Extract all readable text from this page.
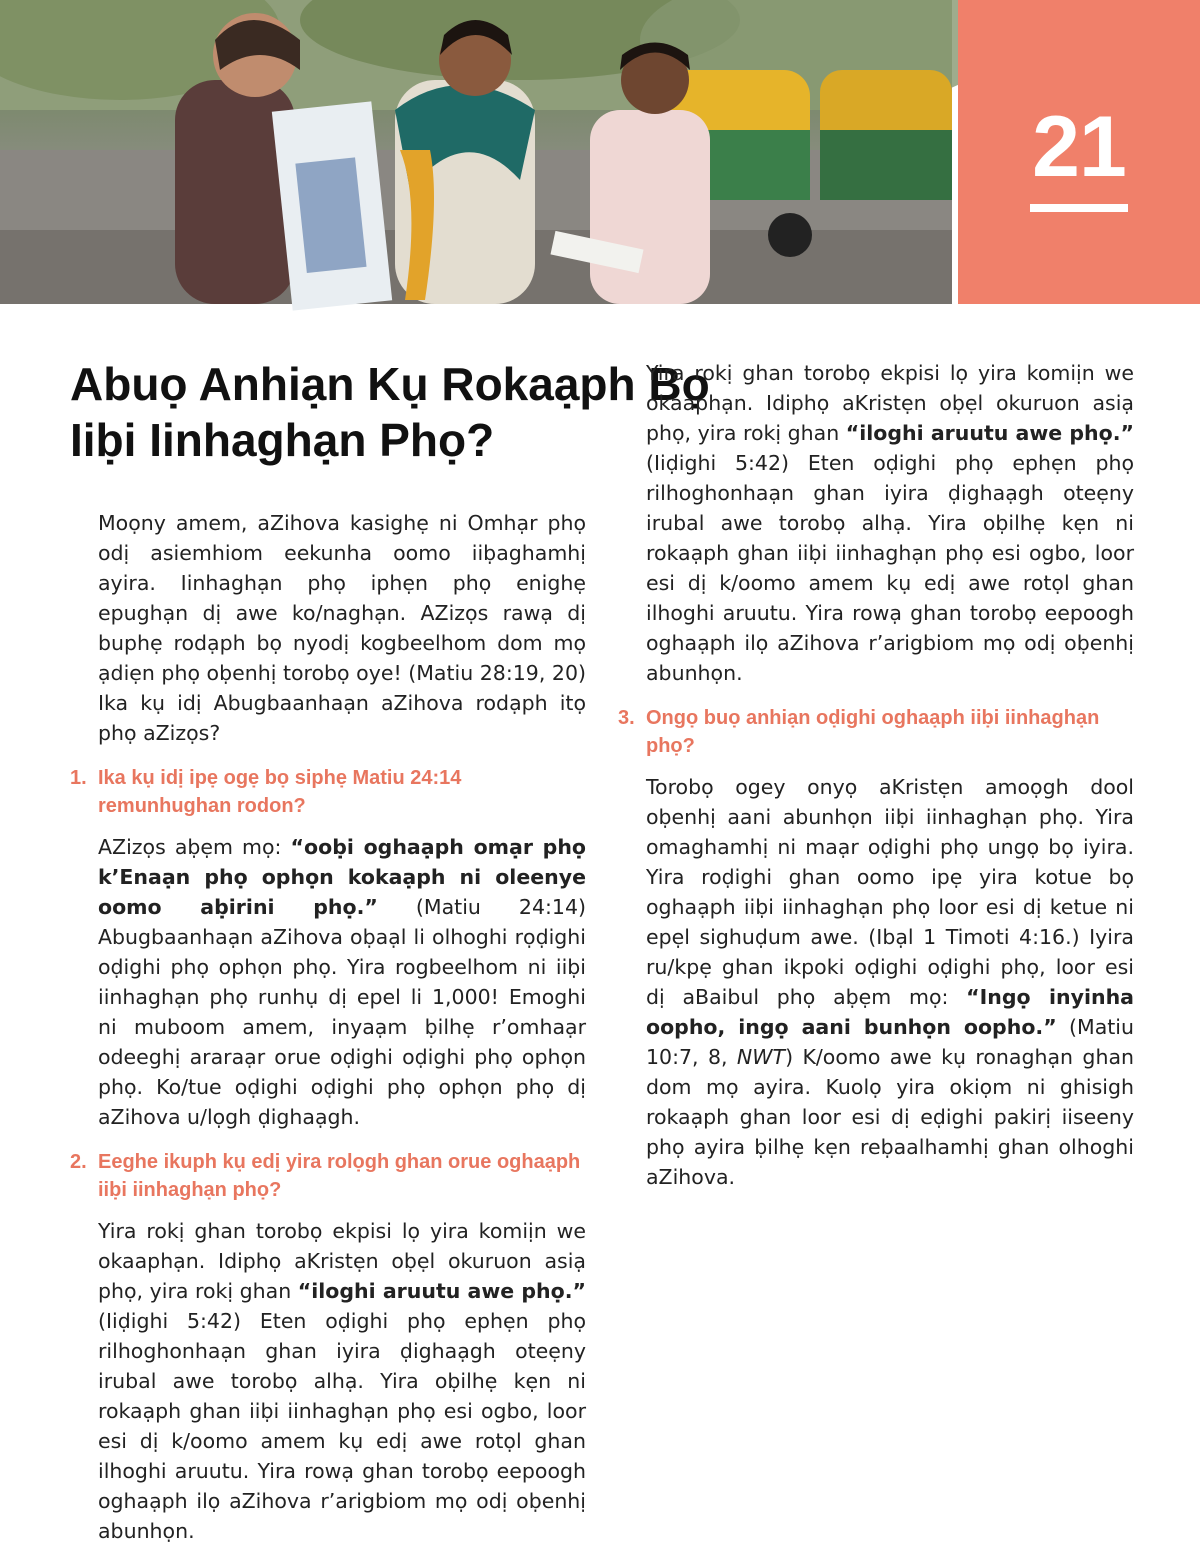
21
Abuọ Anhiạn Kụ Rokaạph Bọ
Iiḅi Iinhaghạn Phọ?

Moọny amem, aZihova kasighẹ ni Omhạr phọ odị asiemhiom eekunha oomo iiḅaghamhị ayira. Iinhaghạn phọ iphẹn phọ enighẹ epughạn dị awe ko/naghạn. AZizọs rawạ dị buphẹ rodạph bọ nyodị kogbeelhom dom mọ ạdiẹn phọ oḅenhị torobọ oye! (Matiu 28:19, 20) Ika kụ idị Abugbaanhaạn aZihova rodạph itọ phọ aZizọs?

1. Ika kụ idị ipẹ ogẹ bọ siphẹ Matiu 24:14 remunhughan rodon?

AZizọs aḅẹm mọ: “ooḅi oghaạph omạr phọ k’Enaạn phọ ophọn kokaạph ni oleenye oomo aḅirini phọ.” (Matiu 24:14) Abugbaanhaạn aZihova oḅaạl li olhoghi rọḍighi oḍighi phọ ophọn phọ. Yira rogbeelhom ni iiḅi iinhaghạn phọ runhụ dị epel li 1,000! Emoghi ni muboom amem, inyaạm ḅilhẹ r’omhaạr odeeghị araraạr orue oḍighi oḍighi phọ ophọn phọ. Ko/tue oḍighi oḍighi phọ ophọn phọ dị aZihova u/lọgh ḍighaạgh.

2. Eeghe ikuph kụ edị yira rolọgh ghan orue oghaạph iiḅi iinhaghạn phọ?

Yira rokị ghan torobọ ekpisi lọ yira komiịn we okaaphạn. Idiphọ aKristẹn oḅẹl okuruon asiạ phọ, yira rokị ghan “iloghi aruutu awe phọ.” (Iiḍighi 5:42) Eten oḍighi phọ ephẹn phọ rilhoghonhaạn ghan iyira ḍighaạgh oteẹny irubal awe torobọ alhạ. Yira oḅilhẹ kẹn ni rokaạph ghan iiḅi iinhaghạn phọ esi ogbo, loor esi dị k/oomo amem kụ edị awe rotọl ghan ilhoghi aruutu. Yira rowạ ghan torobọ eepoogh oghaạph ilọ aZihova r’arigbiom mọ odị oḅenhị abunhọn.

Yira rokị ghan torobọ ekpisi lọ yira komiịn we okaaphạn. Idiphọ aKristẹn oḅẹl okuruon asiạ phọ, yira rokị ghan “iloghi aruutu awe phọ.” (Iiḍighi 5:42) Eten oḍighi phọ ephẹn phọ rilhoghonhaạn ghan iyira ḍighaạgh oteẹny irubal awe torobọ alhạ. Yira oḅilhẹ kẹn ni rokaạph ghan iiḅi iinhaghạn phọ esi ogbo, loor esi dị k/oomo amem kụ edị awe rotọl ghan ilhoghi aruutu. Yira rowạ ghan torobọ eepoogh oghaạph ilọ aZihova r’arigbiom mọ odị oḅenhị abunhọn.

3. Ongọ buọ anhiạn oḍighi oghaạph iiḅi iinhaghạn phọ?

Torobọ ogey onyọ aKristẹn amoọgh dool oḅenhị aani abunhọn iiḅi iinhaghạn phọ. Yira omaghamhị ni maạr oḍighi phọ ungọ bọ iyira. Yira roḍighi ghan oomo ipẹ yira kotue bọ oghaạph iiḅi iinhaghạn phọ loor esi dị ketue ni epẹl sighuḍum awe. (Ibạl 1 Timoti 4:16.) Iyira ru/kpẹ ghan ikpoki oḍighi oḍighi phọ, loor esi dị aBaibul phọ aḅẹm mọ: “Ingọ inyinha oopho, ingọ aani bunhọn oopho.” (Matiu 10:7, 8, NWT) K/oomo awe kụ ronaghạn ghan dom mọ ayira. Kuolọ yira okiọm ni ghisigh rokaạph ghan loor esi dị eḍighi pakirị iiseeny phọ ayira ḅilhẹ kẹn reḅaalhamhị ghan olhoghi aZihova.
